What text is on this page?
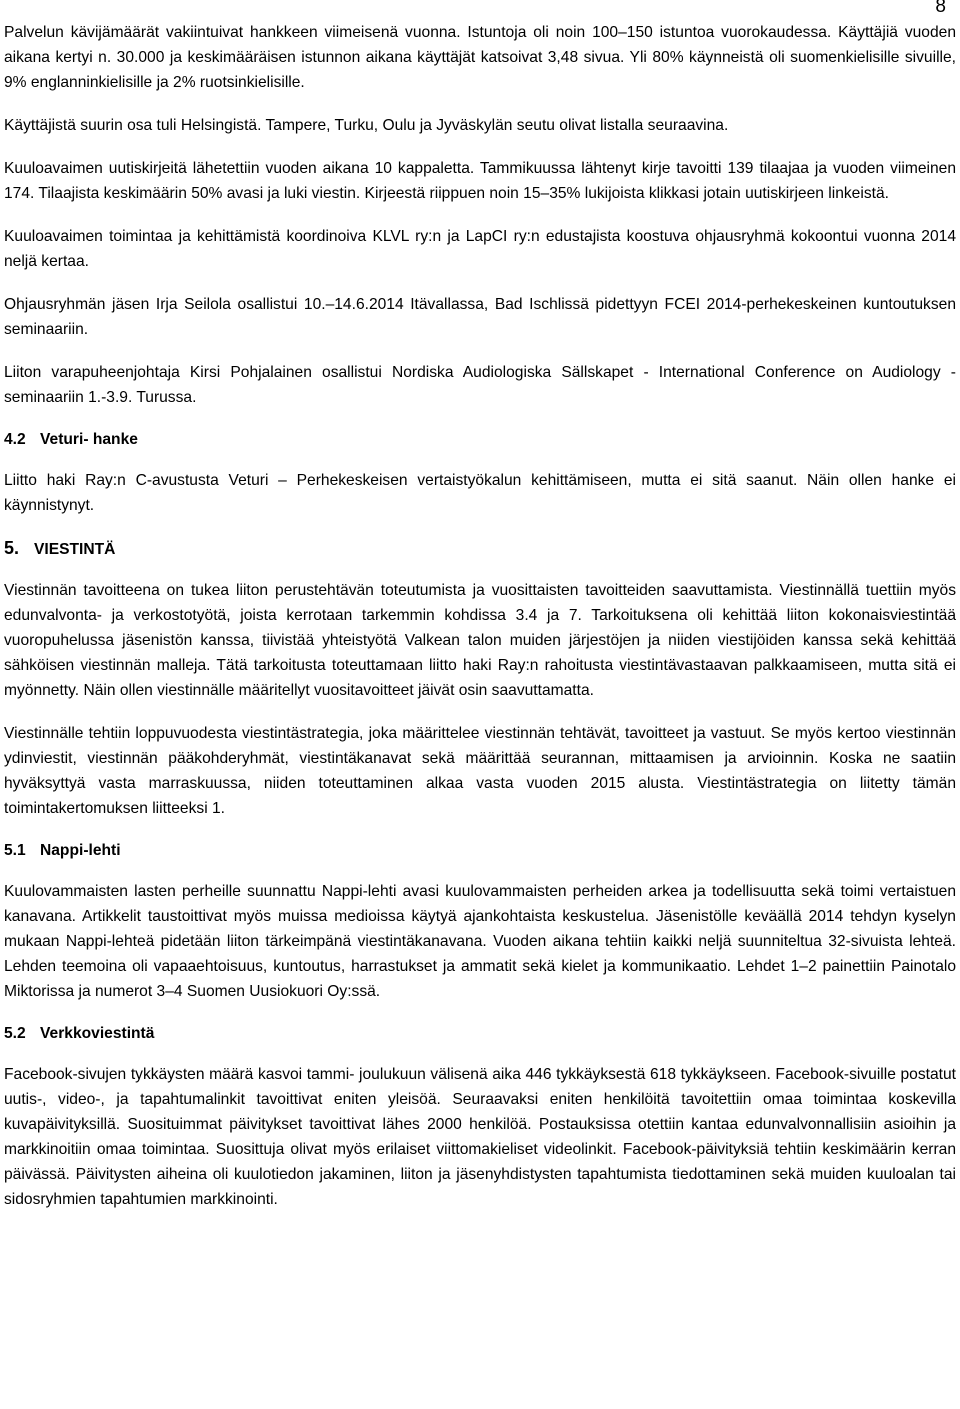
8

Palvelun kävijämäärät vakiintuivat hankkeen viimeisenä vuonna. Istuntoja oli noin 100–150 istuntoa vuorokaudessa. Käyttäjiä vuoden aikana kertyi n. 30.000 ja keskimääräisen istunnon aikana käyttäjät katsoivat 3,48 sivua. Yli 80% käynneistä oli suomenkielisille sivuille, 9% englanninkielisille ja 2% ruotsinkielisille.

Käyttäjistä suurin osa tuli Helsingistä. Tampere, Turku, Oulu ja Jyväskylän seutu olivat listalla seuraavina.

Kuuloavaimen uutiskirjeitä lähetettiin vuoden aikana 10 kappaletta. Tammikuussa lähtenyt kirje tavoitti 139 tilaajaa ja vuoden viimeinen 174. Tilaajista keskimäärin 50% avasi ja luki viestin. Kirjeestä riippuen noin 15–35% lukijoista klikkasi jotain uutiskirjeen linkeistä.

Kuuloavaimen toimintaa ja kehittämistä koordinoiva KLVL ry:n ja LapCI ry:n edustajista koostuva ohjausryhmä kokoontui vuonna 2014 neljä kertaa.

Ohjausryhmän jäsen Irja Seilola osallistui 10.–14.6.2014 Itävallassa, Bad Ischlissä pidettyyn FCEI 2014-perhekeskeinen kuntoutuksen seminaariin.

Liiton varapuheenjohtaja Kirsi Pohjalainen osallistui Nordiska Audiologiska Sällskapet - International Conference on Audiology -seminaariin 1.-3.9. Turussa.

4.2 Veturi- hanke

Liitto haki Ray:n C-avustusta Veturi – Perhekeskeisen vertaistyökalun kehittämiseen, mutta ei sitä saanut. Näin ollen hanke ei käynnistynyt.

5. VIESTINTÄ

Viestinnän tavoitteena on tukea liiton perustehtävän toteutumista ja vuosittaisten tavoitteiden saavuttamista. Viestinnällä tuettiin myös edunvalvonta- ja verkostotyötä, joista kerrotaan tarkemmin kohdissa 3.4 ja 7. Tarkoituksena oli kehittää liiton kokonaisviestintää vuoropuhelussa jäsenistön kanssa, tiivistää yhteistyötä Valkean talon muiden järjestöjen ja niiden viestijöiden kanssa sekä kehittää sähköisen viestinnän malleja. Tätä tarkoitusta toteuttamaan liitto haki Ray:n rahoitusta viestintävastaavan palkkaamiseen, mutta sitä ei myönnetty. Näin ollen viestinnälle määritellyt vuositavoitteet jäivät osin saavuttamatta.

Viestinnälle tehtiin loppuvuodesta viestintästrategia, joka määrittelee viestinnän tehtävät, tavoitteet ja vastuut. Se myös kertoo viestinnän ydinviestit, viestinnän pääkohderyhmät, viestintäkanavat sekä määrittää seurannan, mittaamisen ja arvioinnin. Koska ne saatiin hyväksyttyä vasta marraskuussa, niiden toteuttaminen alkaa vasta vuoden 2015 alusta. Viestintästrategia on liitetty tämän toimintakertomuksen liitteeksi 1.

5.1 Nappi-lehti

Kuulovammaisten lasten perheille suunnattu Nappi-lehti avasi kuulovammaisten perheiden arkea ja todellisuutta sekä toimi vertaistuen kanavana. Artikkelit taustoittivat myös muissa medioissa käytyä ajankohtaista keskustelua. Jäsenistölle keväällä 2014 tehdyn kyselyn mukaan Nappi-lehteä pidetään liiton tärkeimpänä viestintäkanavana. Vuoden aikana tehtiin kaikki neljä suunniteltua 32-sivuista lehteä. Lehden teemoina oli vapaaehtoisuus, kuntoutus, harrastukset ja ammatit sekä kielet ja kommunikaatio. Lehdet 1–2 painettiin Painotalo Miktorissa ja numerot 3–4 Suomen Uusiokuori Oy:ssä.

5.2 Verkkoviestintä

Facebook-sivujen tykkäysten määrä kasvoi tammi- joulukuun välisenä aika 446 tykkäyksestä 618 tykkäykseen. Facebook-sivuille postatut uutis-, video-, ja tapahtumalinkit tavoittivat eniten yleisöä. Seuraavaksi eniten henkilöitä tavoitettiin omaa toimintaa koskevilla kuvapäivityksillä. Suosituimmat päivitykset tavoittivat lähes 2000 henkilöä. Postauksissa otettiin kantaa edunvalvonnallisiin asioihin ja markkinoitiin omaa toimintaa. Suosittuja olivat myös erilaiset viittomakieliset videolinkit. Facebook-päivityksiä tehtiin keskimäärin kerran päivässä. Päivitysten aiheina oli kuulotiedon jakaminen, liiton ja jäsenyhdistysten tapahtumista tiedottaminen sekä muiden kuuloalan tai sidosryhmien tapahtumien markkinointi.
